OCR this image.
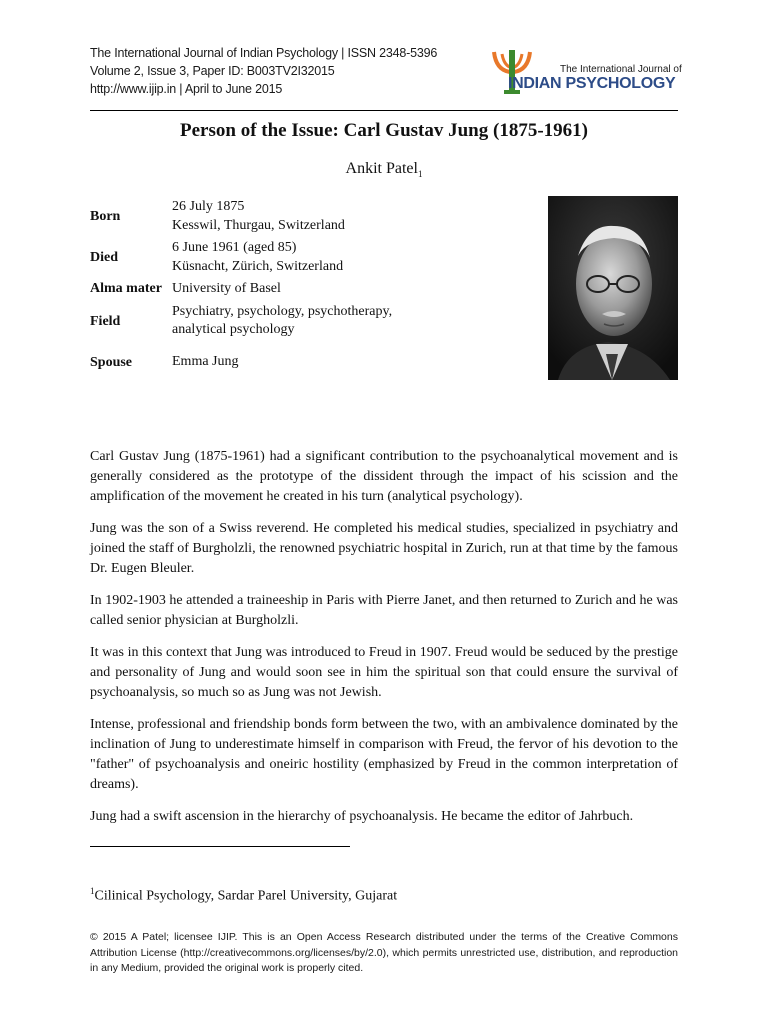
The International Journal of Indian Psychology | ISSN 2348-5396
Volume 2, Issue 3, Paper ID: B003TV2I32015
http://www.ijip.in | April to June 2015
The International Journal of
INDIAN PSYCHOLOGY
Person of the Issue: Carl Gustav Jung (1875-1961)
Ankit Patel$_1$
Born
26 July 1875
Kesswil, Thurgau, Switzerland
Died
6 June 1961 (aged 85)
Küsnacht, Zürich, Switzerland
Alma mater University of Basel
Field
Psychiatry, psychology, psychotherapy,
analytical psychology
Spouse	Emma Jung

Carl Gustav Jung (1875-1961) had a significant contribution to the psychoanalytical movement and is generally considered as the prototype of the dissident through the impact of his scission and the amplification of the movement he created in his turn (analytical psychology).

Jung was the son of a Swiss reverend. He completed his medical studies, specialized in psychiatry and joined the staff of Burgholzli, the renowned psychiatric hospital in Zurich, run at that time by the famous Dr. Eugen Bleuler.

In 1902-1903 he attended a traineeship in Paris with Pierre Janet, and then returned to Zurich and he was called senior physician at Burgholzli.

It was in this context that Jung was introduced to Freud in 1907. Freud would be seduced by the prestige and personality of Jung and would soon see in him the spiritual son that could ensure the survival of psychoanalysis, so much so as Jung was not Jewish.

Intense, professional and friendship bonds form between the two, with an ambivalence dominated by the inclination of Jung to underestimate himself in comparison with Freud, the fervor of his devotion to the "father" of psychoanalysis and oneiric hostility (emphasized by Freud in the common interpretation of dreams).

Jung had a swift ascension in the hierarchy of psychoanalysis. He became the editor of Jahrbuch.

$^1$Cilinical Psychology, Sardar Parel University, Gujarat
© 2015 A Patel; licensee IJIP. This is an Open Access Research distributed under the terms of the Creative Commons Attribution License (http://creativecommons.org/licenses/by/2.0), which permits unrestricted use, distribution, and reproduction in any Medium, provided the original work is properly cited.
